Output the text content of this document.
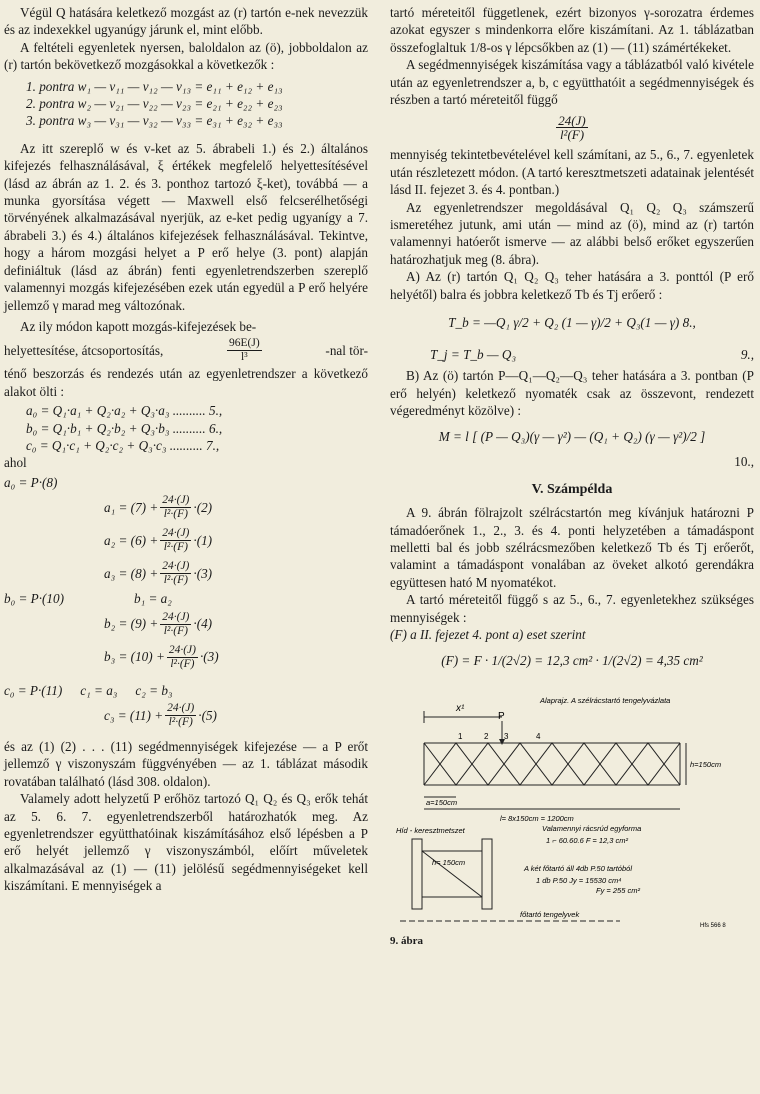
Végül Q hatására keletkező mozgást az (r) tartón e-nek nevezzük és az indexekkel ugyanúgy járunk el, mint előbb.

A feltételi egyenletek nyersen, baloldalon az (ö), jobboldalon az (r) tartón bekövetkező mozgásokkal a következők :

1. pontra w₁ — v₁₁ — v₁₂ — v₁₃ = e₁₁ + e₁₂ + e₁₃
2. pontra w₂ — v₂₁ — v₂₂ — v₂₃ = e₂₁ + e₂₂ + e₂₃
3. pontra w₃ — v₃₁ — v₃₂ — v₃₃ = e₃₁ + e₃₂ + e₃₃

Az itt szereplő w és v-ket az 5. ábrabeli 1.) és 2.) általános kifejezés felhasználásával, ξ értékek megfelelő helyettesítésével (lásd az ábrán az 1. 2. és 3. ponthoz tartozó ξ-ket), továbbá — a munka gyorsítása végett — Maxwell első felcserélhetőségi törvényének alkalmazásával nyerjük, az e-ket pedig ugyanígy a 7. ábrabeli 3.) és 4.) általános kifejezések felhasználásával. Tekintve, hogy a három mozgási helyet a P erő helye (3. pont) alapján definiáltuk (lásd az ábrán) fenti egyenletrendszerben szereplő valamennyi mozgás kifejezésében ezek után egyedül a P erő helyére jellemző γ marad meg változónak.

Az ily módon kapott mozgás-kifejezések be-

helyettesítése, átcsoportosítás,	$\frac{96E(J)}{\text{l³}}$	-nal tör-

ténő beszorzás és rendezés után az egyenletrendszer a következő alakot ölti :

a₀ = Q₁·a₁ + Q₂·a₂ + Q₃·a₃ .......... 5.,
b₀ = Q₁·b₁ + Q₂·b₂ + Q₃·b₃ .......... 6.,
c₀ = Q₁·c₁ + Q₂·c₂ + Q₃·c₃ .......... 7.,
ahol
a₀ = P·(8)
$a_1 = (7) + \frac{24\cdot(J)}{\text{l²·(F)}} \cdot(2)$
$a_2 = (6) + \frac{24\cdot(J)}{\text{l²·(F)}} \cdot(1)$
$a_3 = (8) + \frac{24\cdot(J)}{\text{l²·(F)}} \cdot(3)$
b₀ = P·(10)	b₁ = a₂
$b_2 = (9) + \frac{24\cdot(J)}{\text{l²·(F)}} \cdot(4)$
$b_3 = (10) + \frac{24\cdot(J)}{\text{l²·(F)}} \cdot(3)$
c₀ = P·(11) c₁ = a₃ c₂ = b₃
$c_3 = (11) + \frac{24\cdot(J)}{\text{l²·(F)}} \cdot(5)$

és az (1) (2) . . . (11) segédmennyiségek kifejezése — a P erőt jellemző γ viszonyszám függvényében — az 1. táblázat második rovatában található (lásd 308. oldalon).

Valamely adott helyzetű P erőhöz tartozó Q₁ Q₂ és Q₃ erők tehát az 5. 6. 7. egyenletrendszerből határozhatók meg. Az egyenletrendszer együtthatóinak kiszámításához első lépésben a P erő helyét jellemző γ viszonyszámból, előírt műveletek alkalmazásával az (1) — (11) jelölésű segédmennyiségeket kell kiszámítani. E mennyiségek a

tartó méreteitől függetlenek, ezért bizonyos γ-sorozatra érdemes azokat egyszer s mindenkorra előre kiszámítani. Az 1. táblázatban összefoglaltuk 1/8-os γ lépcsőkben az (1) — (11) számértékeket.

A segédmennyiségek kiszámítása vagy a táblázatból való kivétele után az egyenletrendszer a, b, c együtthatóit a segédmennyiségek és részben a tartó méreteitől függő

$\frac{24(J)}{\text{l²(F)}}$

mennyiség tekintetbevételével kell számítani, az 5., 6., 7. egyenletek után részletezett módon. (A tartó keresztmetszeti adatainak jelentését lásd II. fejezet 3. és 4. pontban.)

Az egyenletrendszer megoldásával Q₁ Q₂ Q₃ számszerű ismeretéhez jutunk, ami után — mind az (ö), mind az (r) tartón valamennyi hatóerőt ismerve — az alábbi belső erőket egyszerűen határozhatjuk meg (8. ábra).

A) Az (r) tartón Q₁ Q₂ Q₃ teher hatására a 3. ponttól (P erő helyétől) balra és jobbra keletkező Tb és Tj erőerő :

T_b = —Q₁ γ/2 + Q₂ (1 — γ)/2 + Q₃(1 — γ) 8.,
T_j = T_b — Q₃	9.,

B) Az (ö) tartón P—Q₁—Q₂—Q₃ teher hatására a 3. pontban (P erő helyén) keletkező nyomaték csak az összevont, rendezett végeredményt közölve) :

M = l [ (P — Q₃)(γ — γ²) — (Q₁ + Q₂) (γ — γ²)/2 ]
10.,
V. Számpélda

A 9. ábrán fölrajzolt szélrácstartón meg kívánjuk határozni P támadóerőnek 1., 2., 3. és 4. ponti helyzetében a támadáspont melletti bal és jobb szélrácsmezőben keletkező Tb és Tj erőerőt, valamint a támadáspont vonalában az öveket alkotó gerendákra együttesen ható M nyomatékot.

A tartó méreteitől függő s az 5., 6., 7. egyenletekhez szükséges mennyiségek :

(F) a II. fejezet 4. pont a) eset szerint

(F) = F · 1/(2√2) = 12,3 cm² · 1/(2√2) = 4,35 cm²
x¹
P
1	2 3	4
Alaprajz. A szélrácstartó tengelyvázlata
h=150cm
a=150cm
l= 8x150cm = 1200cm
Híd - keresztmetszet	Valamennyi rácsrúd egyforma
1 ⌐ 60.60.6 F = 12,3 cm²
h= 150cm
A két főtartó áll 4db P.50 tartóból
1 db P.50 Jy = 15530 cm⁴
Fy = 255 cm²
főtartó tengelyvek
Hfs 566 8
9. ábra
